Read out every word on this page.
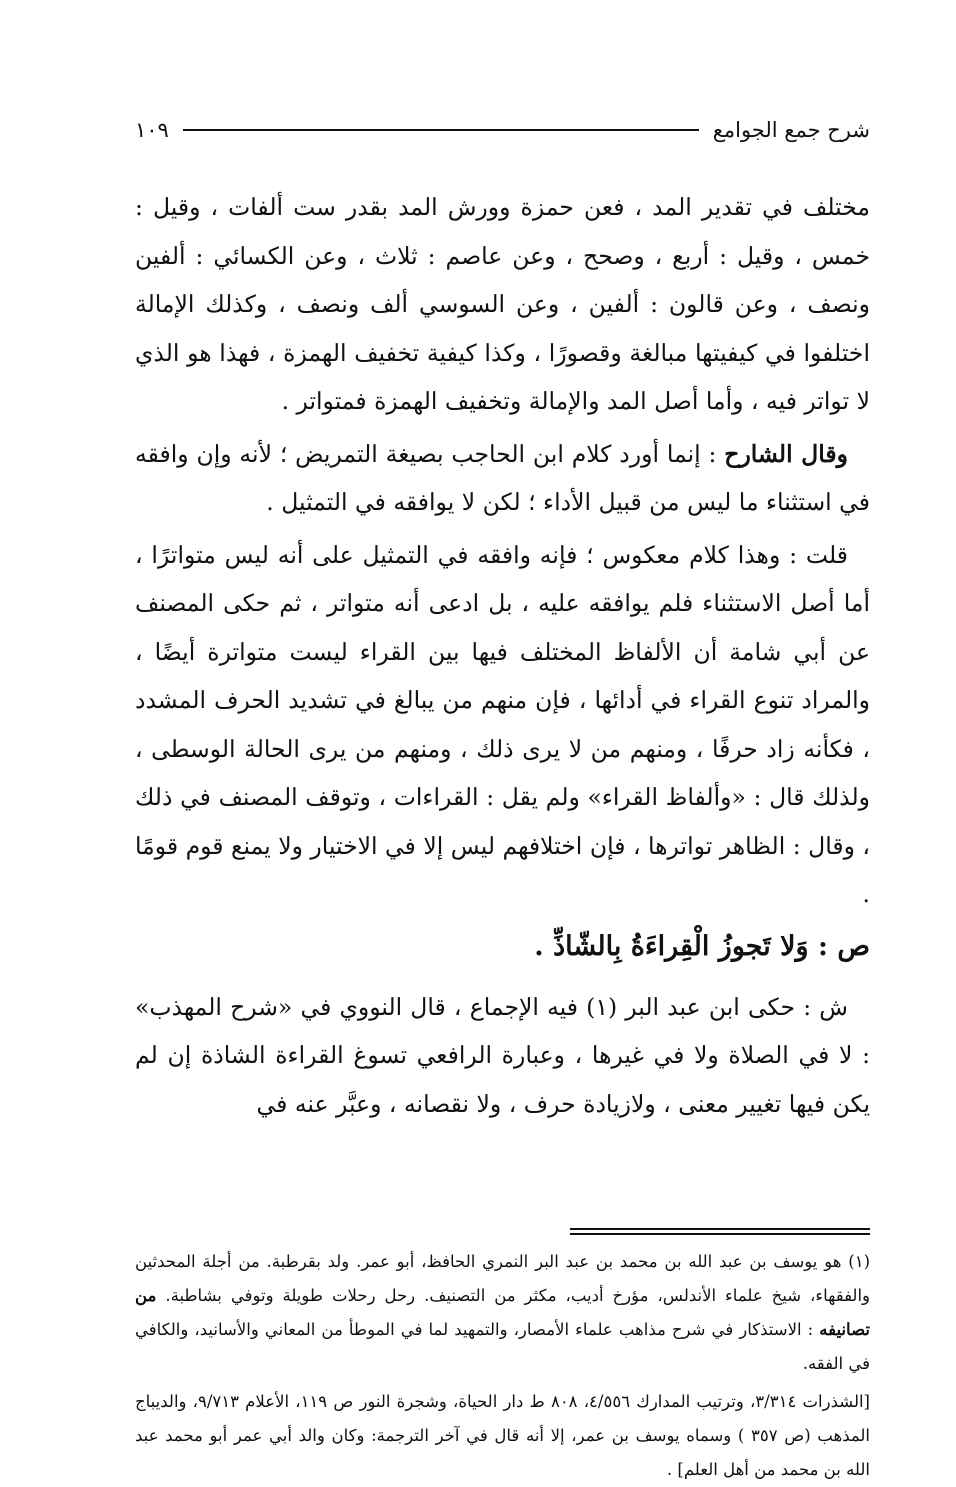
شرح جمع الجوامع
١٠٩

مختلف في تقدير المد ، فعن حمزة وورش المد بقدر ست ألفات ، وقيل : خمس ، وقيل : أربع ، وصحح ، وعن عاصم : ثلاث ، وعن الكسائي : ألفين ونصف ، وعن قالون : ألفين ، وعن السوسي ألف ونصف ، وكذلك الإمالة اختلفوا في كيفيتها مبالغة وقصورًا ، وكذا كيفية تخفيف الهمزة ، فهذا هو الذي لا تواتر فيه ، وأما أصل المد والإمالة وتخفيف الهمزة فمتواتر .

وقال الشارح : إنما أورد كلام ابن الحاجب بصيغة التمريض ؛ لأنه وإن وافقه في استثناء ما ليس من قبيل الأداء ؛ لكن لا يوافقه في التمثيل .

قلت : وهذا كلام معكوس ؛ فإنه وافقه في التمثيل على أنه ليس متواترًا ، أما أصل الاستثناء فلم يوافقه عليه ، بل ادعى أنه متواتر ، ثم حكى المصنف عن أبي شامة أن الألفاظ المختلف فيها بين القراء ليست متواترة أيضًا ، والمراد تنوع القراء في أدائها ، فإن منهم من يبالغ في تشديد الحرف المشدد ، فكأنه زاد حرفًا ، ومنهم من لا يرى ذلك ، ومنهم من يرى الحالة الوسطى ، ولذلك قال : «وألفاظ القراء» ولم يقل : القراءات ، وتوقف المصنف في ذلك ، وقال : الظاهر تواترها ، فإن اختلافهم ليس إلا في الاختيار ولا يمنع قوم قومًا .

ص : وَلا تَجوزُ الْقِراءَةُ بِالشّاذِّ .

ش : حكى ابن عبد البر (١) فيه الإجماع ، قال النووي في «شرح المهذب» : لا في الصلاة ولا في غيرها ، وعبارة الرافعي تسوغ القراءة الشاذة إن لم يكن فيها تغيير معنى ، ولازيادة حرف ، ولا نقصانه ، وعبَّر عنه في

(١) هو يوسف بن عبد الله بن محمد بن عبد البر النمري الحافظ، أبو عمر. ولد بقرطبة. من أجلة المحدثين والفقهاء، شيخ علماء الأندلس، مؤرخ أديب، مكثر من التصنيف. رحل رحلات طويلة وتوفي بشاطبة. من تصانيفه : الاستذكار في شرح مذاهب علماء الأمصار، والتمهيد لما في الموطأ من المعاني والأسانيد، والكافي في الفقه.

[الشذرات ٣/٣١٤، وترتيب المدارك ٤/٥٥٦، ٨٠٨ ط دار الحياة، وشجرة النور ص ١١٩، الأعلام ٩/٧١٣، والديباج المذهب (ص ٣٥٧ ) وسماه يوسف بن عمر، إلا أنه قال في آخر الترجمة: وكان والد أبي عمر أبو محمد عبد الله بن محمد من أهل العلم] .
